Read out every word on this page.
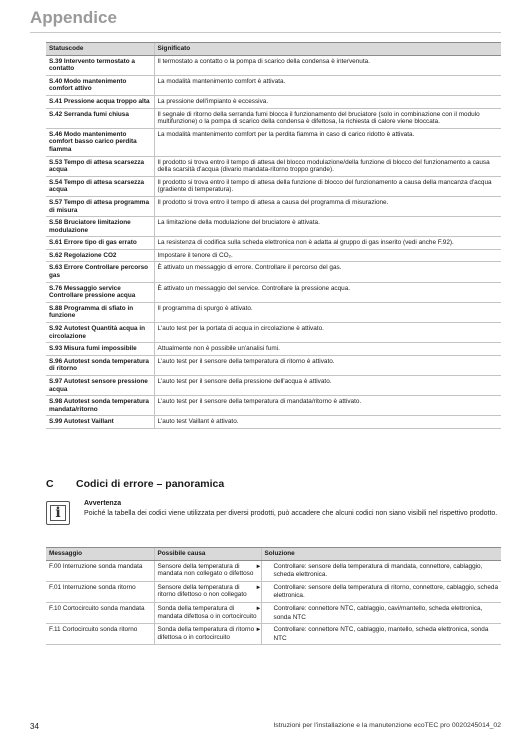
Appendice
Statuscode	Significato
S.39 Intervento termostato a contatto	Il termostato a contatto o la pompa di scarico della condensa è intervenuta.
S.40 Modo mantenimento comfort attivo	La modalità mantenimento comfort è attivata.
S.41 Pressione acqua troppo alta	La pressione dell'impianto è eccessiva.
S.42 Serranda fumi chiusa	Il segnale di ritorno della serranda fumi blocca il funzionamento del bruciatore (solo in combinazione con il modulo multifunzione) o la pompa di scarico della condensa è difettosa, la richiesta di calore viene bloccata.
S.46 Modo mantenimento comfort basso carico perdita fiamma	La modalità mantenimento comfort per la perdita fiamma in caso di carico ridotto è attivata.
S.53 Tempo di attesa scarsezza acqua	Il prodotto si trova entro il tempo di attesa del blocco modulazione/della funzione di blocco del funzionamento a causa della scarsità d'acqua (divario mandata-ritorno troppo grande).
S.54 Tempo di attesa scarsezza acqua	Il prodotto si trova entro il tempo di attesa della funzione di blocco del funzionamento a causa della mancanza d'acqua (gradiente di temperatura).
S.57 Tempo di attesa programma di misura	Il prodotto si trova entro il tempo di attesa a causa del programma di misurazione.
S.58 Bruciatore limitazione modulazione	La limitazione della modulazione del bruciatore è attivata.
S.61 Errore tipo di gas errato	La resistenza di codifica sulla scheda elettronica non è adatta al gruppo di gas inserito (vedi anche F.92).
S.62 Regolazione CO2	Impostare il tenore di CO₂.
S.63 Errore Controllare percorso gas	È attivato un messaggio di errore. Controllare il percorso del gas.
S.76 Messaggio service Controllare pressione acqua	È attivato un messaggio del service. Controllare la pressione acqua.
S.88 Programma di sfiato in funzione	Il programma di spurgo è attivato.
S.92 Autotest Quantità acqua in circolazione	L'auto test per la portata di acqua in circolazione è attivato.
S.93 Misura fumi impossibile	Attualmente non è possibile un'analisi fumi.
S.96 Autotest sonda temperatura di ritorno	L'auto test per il sensore della temperatura di ritorno è attivato.
S.97 Autotest sensore pressione acqua	L'auto test per il sensore della pressione dell'acqua è attivato.
S.98 Autotest sonda temperatura mandata/ritorno	L'auto test per il sensore della temperatura di mandata/ritorno è attivato.
S.99 Autotest Vaillant	L'auto test Vaillant è attivato.
C Codici di errore – panoramica
i
Avvertenza
Poiché la tabella dei codici viene utilizzata per diversi prodotti, può accadere che alcuni codici non siano visibili nel rispettivo prodotto.
Messaggio	Possibile causa	Soluzione
F.00 Interruzione sonda mandata	Sensore della temperatura di mandata non collegato o difettoso	► Controllare: sensore della temperatura di mandata, connettore, cablaggio, scheda elettronica.

F.01 Interruzione sonda ritorno	Sensore della temperatura di ritorno difettoso o non collegato	► Controllare: sensore della temperatura di ritorno, connettore, cablaggio, scheda elettronica.

F.10 Cortocircuito sonda mandata	Sonda della temperatura di mandata difettosa o in cortocircuito	► Controllare: connettore NTC, cablaggio, cavi/mantello, scheda elettronica, sonda NTC

F.11 Cortocircuito sonda ritorno	Sonda della temperatura di ritorno difettosa o in cortocircuito	► Controllare: connettore NTC, cablaggio, mantello, scheda elettronica, sonda NTC
34	Istruzioni per l'installazione e la manutenzione ecoTEC pro 0020245014_02
